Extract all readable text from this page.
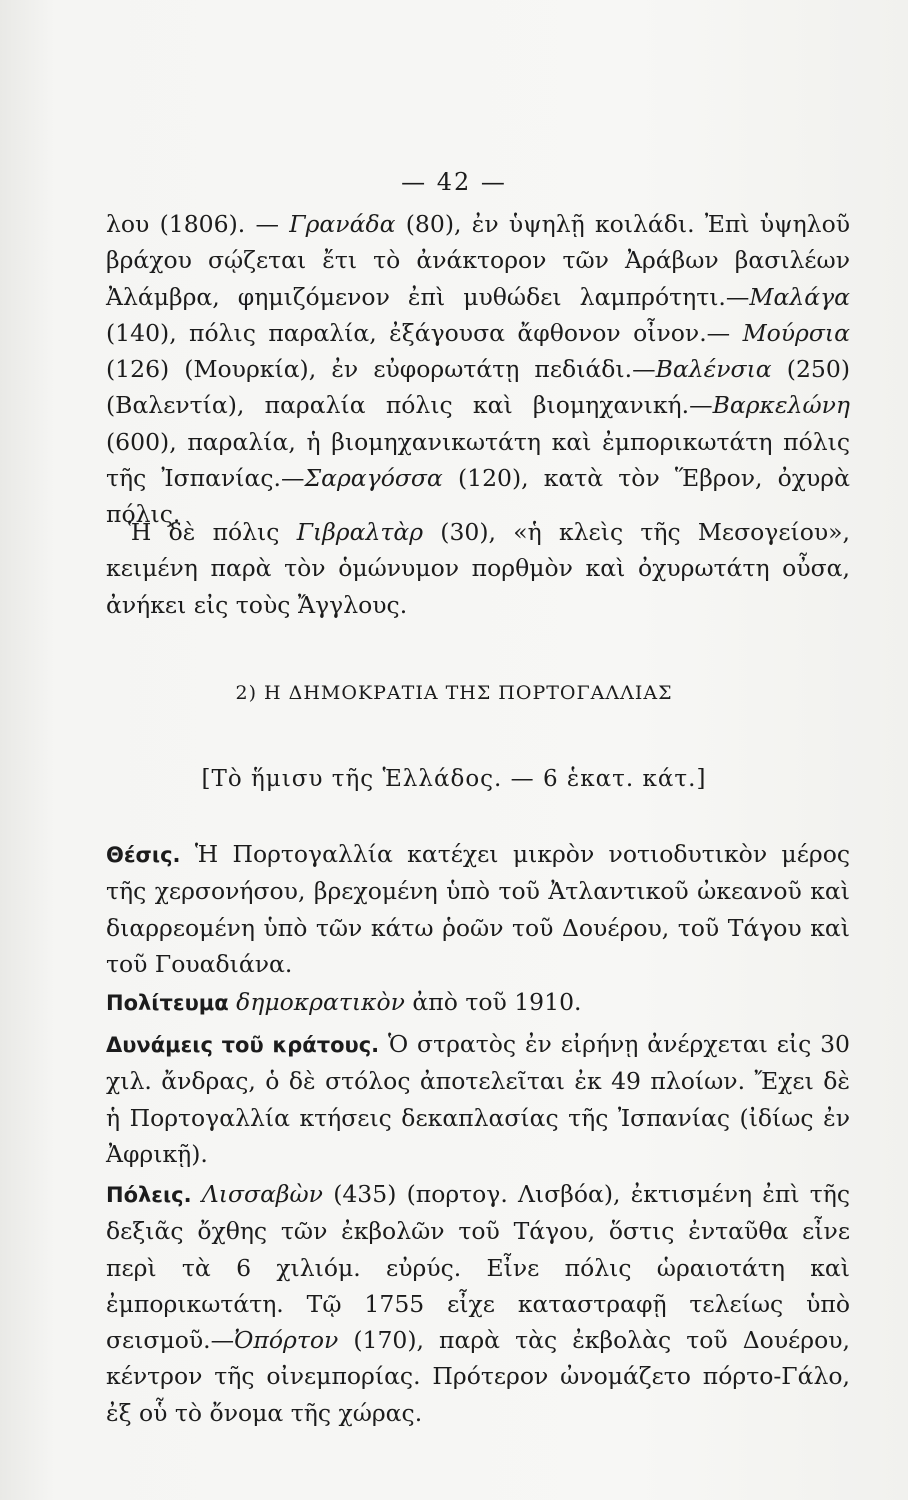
— 42 —
λου (1806). — Γρανάδα (80), ἐν ὑψηλῇ κοιλάδι. Ἐπὶ ὑψηλοῦ βράχου σῴζεται ἔτι τὸ ἀνάκτορον τῶν Ἀράβων βασιλέων Ἀλάμβρα, φημιζόμενον ἐπὶ μυθώδει λαμπρότητι.—Μαλάγα (140), πόλις παραλία, ἐξάγουσα ἄφθονον οἶνον.— Μούρσια (126) (Μουρκία), ἐν εὐφορωτάτῃ πεδιάδι.—Βαλένσια (250) (Βαλεντία), παραλία πόλις καὶ βιομηχανική.—Βαρκελώνη (600), παραλία, ἡ βιομηχανικωτάτη καὶ ἐμπορικωτάτη πόλις τῆς Ἰσπανίας.—Σαραγόσσα (120), κατὰ τὸν Ἕβρον, ὀχυρὰ πόλις.
Ἡ δὲ πόλις Γιβραλτὰρ (30), «ἡ κλεὶς τῆς Μεσογείου», κειμένη παρὰ τὸν ὁμώνυμον πορθμὸν καὶ ὀχυρωτάτη οὖσα, ἀνήκει εἰς τοὺς Ἄγγλους.
2) Η ΔΗΜΟΚΡΑΤΙΑ ΤΗΣ ΠΟΡΤΟΓΑΛΛΙΑΣ
[Τὸ ἥμισυ τῆς Ἑλλάδος. — 6 ἑκατ. κάτ.]
Θέσις. Ἡ Πορτογαλλία κατέχει μικρὸν νοτιοδυτικὸν μέρος τῆς χερσονήσου, βρεχομένη ὑπὸ τοῦ Ἀτλαντικοῦ ὠκεανοῦ καὶ διαρρεομένη ὑπὸ τῶν κάτω ῥοῶν τοῦ Δουέρου, τοῦ Τάγου καὶ τοῦ Γουαδιάνα.
Πολίτευμα δημοκρατικὸν ἀπὸ τοῦ 1910.
Δυνάμεις τοῦ κράτους. Ὁ στρατὸς ἐν εἰρήνῃ ἀνέρχεται εἰς 30 χιλ. ἄνδρας, ὁ δὲ στόλος ἀποτελεῖται ἐκ 49 πλοίων. Ἔχει δὲ ἡ Πορτογαλλία κτήσεις δεκαπλασίας τῆς Ἰσπανίας (ἰδίως ἐν Ἀφρικῇ).
Πόλεις. Λισσαβὼν (435) (πορτογ. Λισβόα), ἐκτισμένη ἐπὶ τῆς δεξιᾶς ὄχθης τῶν ἐκβολῶν τοῦ Τάγου, ὅστις ἐνταῦθα εἶνε περὶ τὰ 6 χιλιόμ. εὐρύς. Εἶνε πόλις ὡραιοτάτη καὶ ἐμπορικωτάτη. Τῷ 1755 εἶχε καταστραφῇ τελείως ὑπὸ σεισμοῦ.—Ὀπόρτον (170), παρὰ τὰς ἐκβολὰς τοῦ Δουέρου, κέντρον τῆς οἰνεμπορίας. Πρότερον ὠνομάζετο πόρτο-Γάλο, ἐξ οὗ τὸ ὄνομα τῆς χώρας.
